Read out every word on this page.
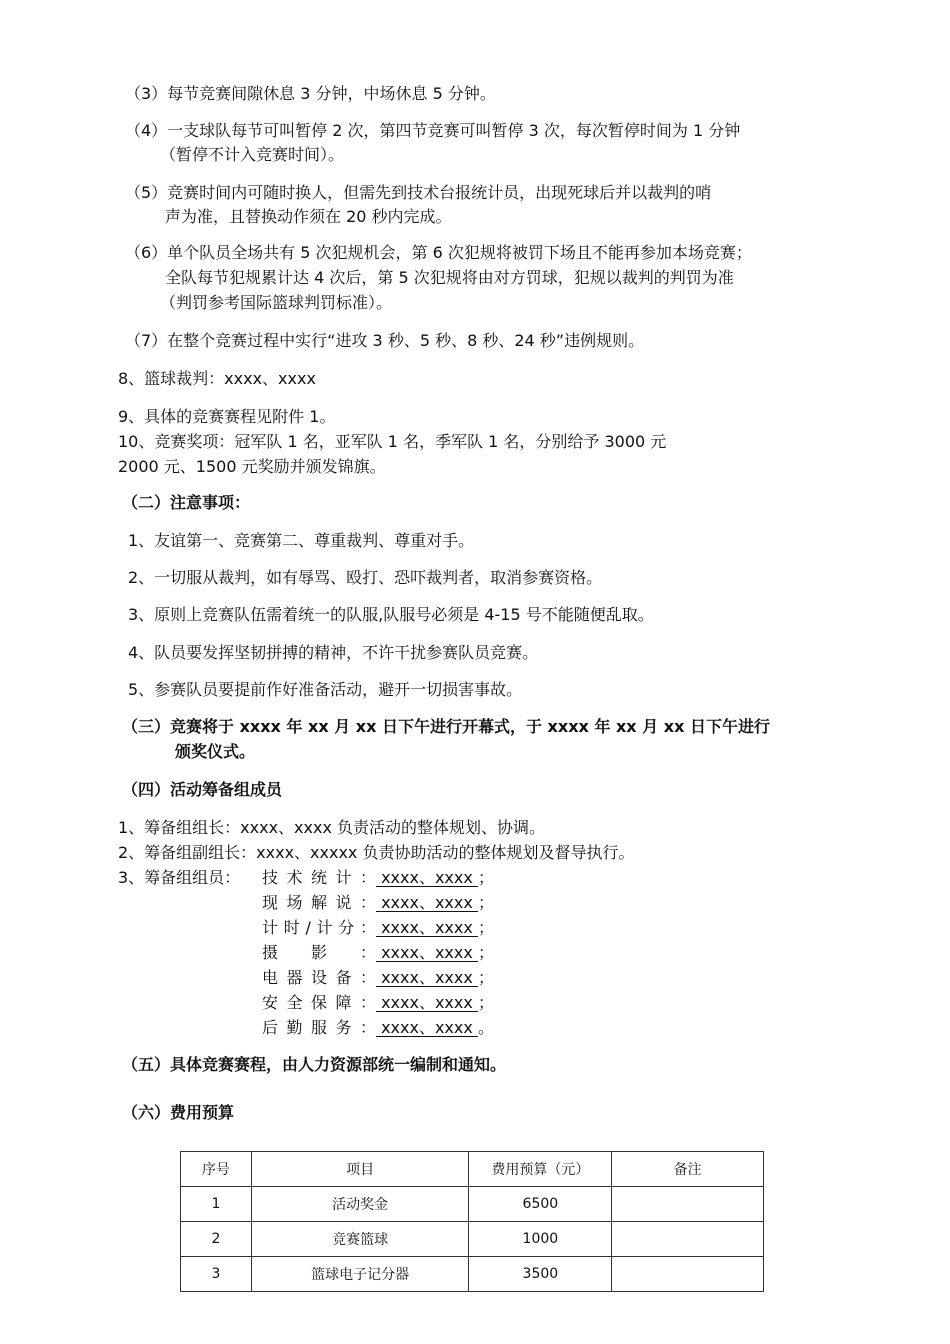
（3）每节竞赛间隙休息 3 分钟，中场休息 5 分钟。
（4）一支球队每节可叫暂停 2 次，第四节竞赛可叫暂停 3 次，每次暂停时间为 1 分钟
（暂停不计入竞赛时间）。
（5）竞赛时间内可随时换人，但需先到技术台报统计员，出现死球后并以裁判的哨
声为准，且替换动作须在 20 秒内完成。
（6）单个队员全场共有 5 次犯规机会，第 6 次犯规将被罚下场且不能再参加本场竞赛；
全队每节犯规累计达 4 次后，第 5 次犯规将由对方罚球，犯规以裁判的判罚为准
（判罚参考国际篮球判罚标准）。
（7）在整个竞赛过程中实行“进攻 3 秒、5 秒、8 秒、24 秒”违例规则。
8、篮球裁判：xxxx、xxxx
9、具体的竞赛赛程见附件 1。
10、竞赛奖项：冠军队 1 名，亚军队 1 名，季军队 1 名，分别给予 3000 元
2000 元、1500 元奖励并颁发锦旗。
（二）注意事项：
1、友谊第一、竞赛第二、尊重裁判、尊重对手。
2、一切服从裁判，如有辱骂、殴打、恐吓裁判者，取消参赛资格。
3、原则上竞赛队伍需着统一的队服,队服号必须是 4-15 号不能随便乱取。
4、队员要发挥坚韧拼搏的精神，不许干扰参赛队员竞赛。
5、参赛队员要提前作好准备活动，避开一切损害事故。
（三）竞赛将于 xxxx 年 xx 月 xx 日下午进行开幕式，于 xxxx 年 xx 月 xx 日下午进行
颁奖仪式。
（四）活动筹备组成员
1、筹备组组长：xxxx、xxxx 负责活动的整体规划、协调。
2、筹备组副组长：xxxx、xxxxx 负责协助活动的整体规划及督导执行。
3、筹备组组员： 技术统计： xxxx、xxxx ；
现场解说： xxxx、xxxx ；
计时/计分： xxxx、xxxx ；
摄影： xxxx、xxxx ；
电器设备： xxxx、xxxx ；
安全保障： xxxx、xxxx ；
后勤服务： xxxx、xxxx 。
（五）具体竞赛赛程，由人力资源部统一编制和通知。
（六）费用预算
序号	项目	费用预算（元）	备注
1	活动奖金	6500	
2	竞赛篮球	1000	
3	篮球电子记分器	3500	
